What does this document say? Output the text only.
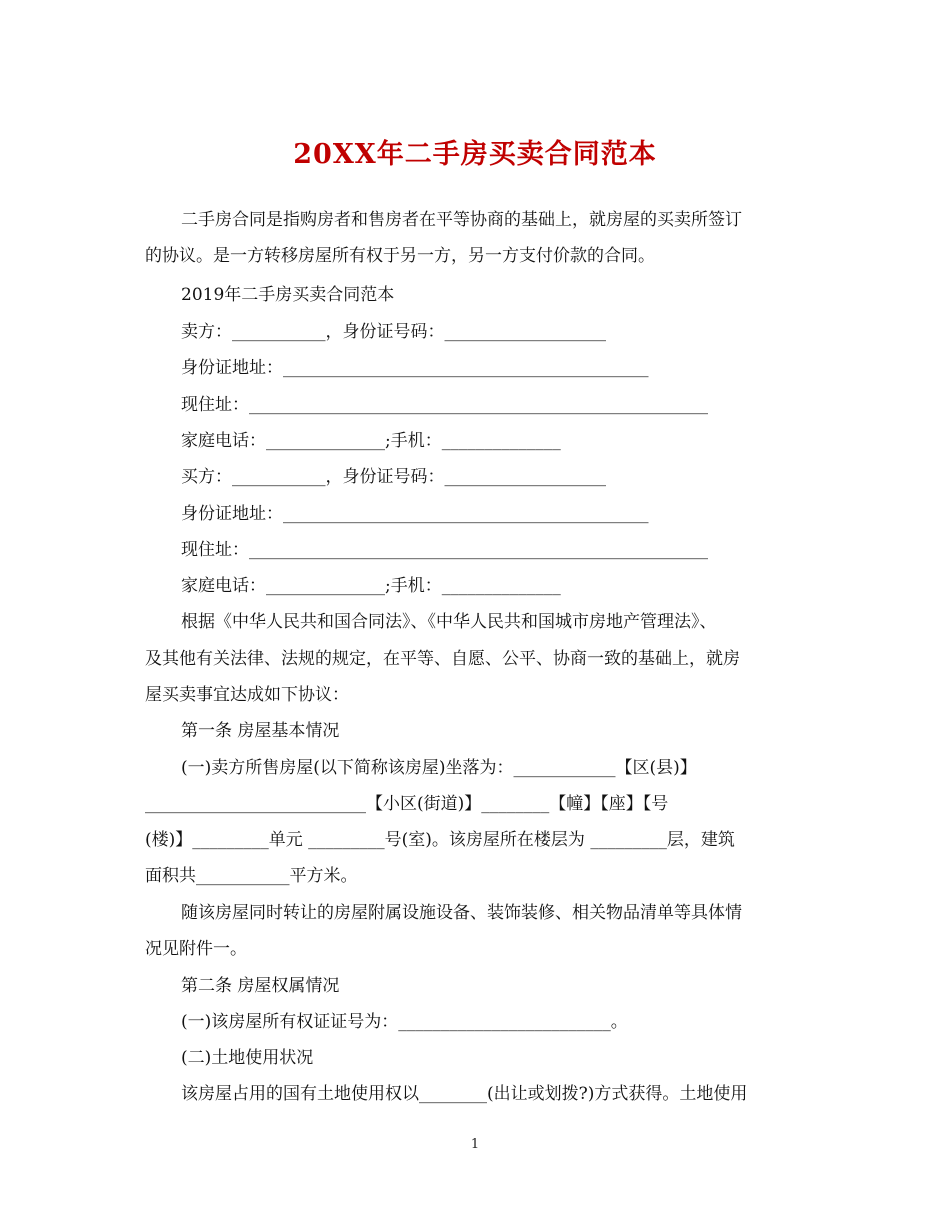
20XX年二手房买卖合同范本
二手房合同是指购房者和售房者在平等协商的基础上，就房屋的买卖所签订
的协议。是一方转移房屋所有权于另一方，另一方支付价款的合同。
2019年二手房买卖合同范本
卖方：___________，身份证号码：___________________
身份证地址：___________________________________________
现住址：______________________________________________________
家庭电话：______________;手机：______________
买方：___________，身份证号码：___________________
身份证地址：___________________________________________
现住址：______________________________________________________
家庭电话：______________;手机：______________
根据《中华人民共和国合同法》、《中华人民共和国城市房地产管理法》、
及其他有关法律、法规的规定，在平等、自愿、公平、协商一致的基础上，就房
屋买卖事宜达成如下协议：
第一条 房屋基本情况
(一)卖方所售房屋(以下简称该房屋)坐落为：____________【区(县)】
__________________________【小区(街道)】________【幢】【座】【号
(楼)】_________单元 _________号(室)。该房屋所在楼层为 _________层，建筑
面积共___________平方米。
随该房屋同时转让的房屋附属设施设备、装饰装修、相关物品清单等具体情
况见附件一。
第二条 房屋权属情况
(一)该房屋所有权证证号为：_________________________。
(二)土地使用状况
该房屋占用的国有土地使用权以________(出让或划拨?)方式获得。土地使用
1
